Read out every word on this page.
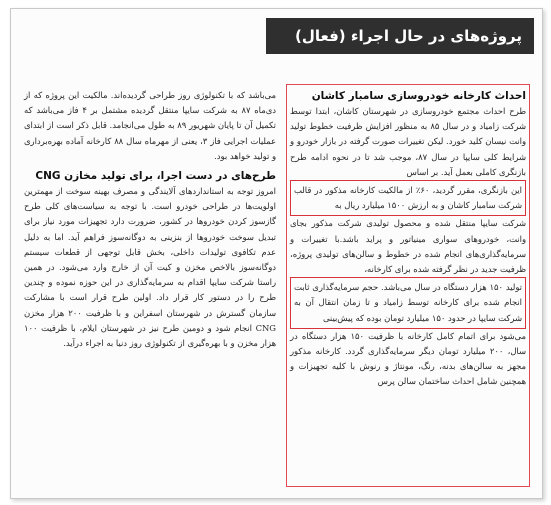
پروژه‌های در حال اجراء (فعال)

احداث کارخانه خودروسازی سامبار کاشان

طرح احداث مجتمع خودروسازی در شهرستان کاشان، ابتدا توسط شرکت زامیاد و در سال ۸۵ به منظور افزایش ظرفیت خطوط تولید وانت نیسان کلید خورد. لیکن تغییرات صورت گرفته در بازار خودرو و شرایط کلی سایپا در سال ۸۷، موجب شد تا در نحوه ادامه طرح بازنگری کاملی بعمل آید. بر اساس

این بازنگری، مقرر گردید، ۶۰٪ از مالکیت کارخانه مذکور در قالب شرکت سامبار کاشان و به ارزش ۱۵۰۰ میلیارد ریال به

شرکت سایپا منتقل شده و محصول تولیدی شرکت مذکور بجای وانت، خودروهای سواری مینیاتور و پراید باشد.با تغییرات و سرمایه‌گذاری‌های انجام شده در خطوط و سالن‌های تولیدی پروژه، ظرفیت جدید در نظر گرفته شده برای کارخانه،

تولید ۱۵۰ هزار دستگاه در سال می‌باشد. حجم سرمایه‌گذاری ثابت انجام شده برای کارخانه توسط زامیاد و تا زمان انتقال آن به شرکت سایپا در حدود ۱۵۰ میلیارد تومان بوده که پیش‌بینی

می‌شود برای اتمام کامل کارخانه با ظرفیت ۱۵۰ هزار دستگاه در سال، ۲۰۰ میلیارد تومان دیگر سرمایه‌گذاری گردد. کارخانه مذکور مجهز به سالن‌های بدنه، رنگ، مونتاژ و رنوش با کلیه تجهیزات و همچنین شامل احداث ساختمان سالن پرس

می‌باشد که با تکنولوژی روز طراحی گردیده‌اند. مالکیت این پروژه که از دی‌ماه ۸۷ به شرکت سایپا منتقل گردیده مشتمل بر ۴ فاز می‌باشد که تکمیل آن تا پایان شهریور ۸۹ به طول می‌انجامد. قابل ذکر است از ابتدای عملیات اجرایی فاز ۳، یعنی از مهرماه سال ۸۸ کارخانه آماده بهره‌برداری و تولید خواهد بود.

طرح‌های در دست اجرا، برای تولید مخازن CNG

امروز توجه به استانداردهای آلایندگی و مصرف بهینه سوخت از مهمترین اولویت‌ها در طراحی خودرو است. با توجه به سیاست‌های کلی طرح گازسوز کردن خودروها در کشور، ضرورت دارد تجهیزات مورد نیاز برای تبدیل سوخت خودروها از بنزینی به دوگانه‌سوز فراهم آید. اما به دلیل عدم تکافوی تولیدات داخلی، بخش قابل توجهی از قطعات سیستم دوگانه‌سوز بالاخص مخزن و کیت آن از خارج وارد می‌شود. در همین راستا شرکت سایپا اقدام به سرمایه‌گذاری در این حوزه نموده و چندین طرح را در دستور کار قرار داد. اولین طرح قرار است با مشارکت سازمان گسترش در شهرستان اسفراین و با ظرفیت ۲۰۰ هزار مخزن CNG انجام شود و دومین طرح نیز در شهرستان ایلام، با ظرفیت ۱۰۰ هزار مخزن و با بهره‌گیری از تکنولوژی روز دنیا به اجراء درآید.
